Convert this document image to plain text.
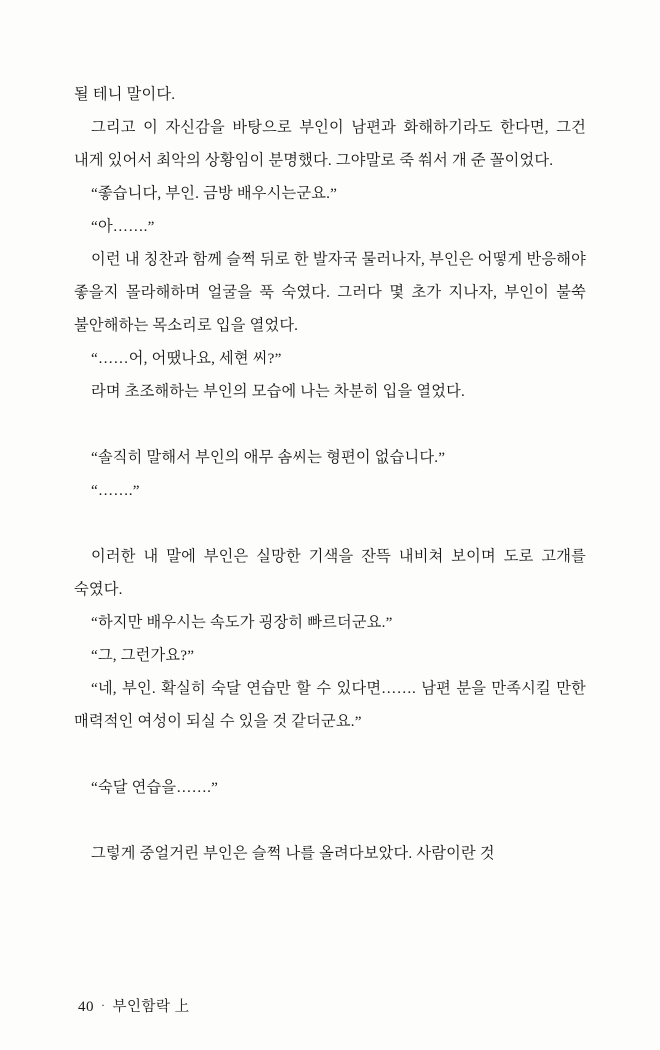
될 테니 말이다.

그리고 이 자신감을 바탕으로 부인이 남편과 화해하기라도 한다면, 그건 내게 있어서 최악의 상황임이 분명했다. 그야말로 죽 쒀서 개 준 꼴이었다.

“좋습니다, 부인. 금방 배우시는군요.”

“아…….”

이런 내 칭찬과 함께 슬쩍 뒤로 한 발자국 물러나자, 부인은 어떻게 반응해야 좋을지 몰라해하며 얼굴을 푹 숙였다. 그러다 몇 초가 지나자, 부인이 불쑥 불안해하는 목소리로 입을 열었다.

“……어, 어땠나요, 세현 씨?”

라며 초조해하는 부인의 모습에 나는 차분히 입을 열었다.

“솔직히 말해서 부인의 애무 솜씨는 형편이 없습니다.”

“…….”

이러한 내 말에 부인은 실망한 기색을 잔뜩 내비쳐 보이며 도로 고개를 숙였다.

“하지만 배우시는 속도가 굉장히 빠르더군요.”

“그, 그런가요?”

“네, 부인. 확실히 숙달 연습만 할 수 있다면……. 남편 분을 만족시킬 만한 매력적인 여성이 되실 수 있을 것 같더군요.”

“숙달 연습을…….”

그렇게 중얼거린 부인은 슬쩍 나를 올려다보았다. 사람이란 것

40 · 부인함락 上
